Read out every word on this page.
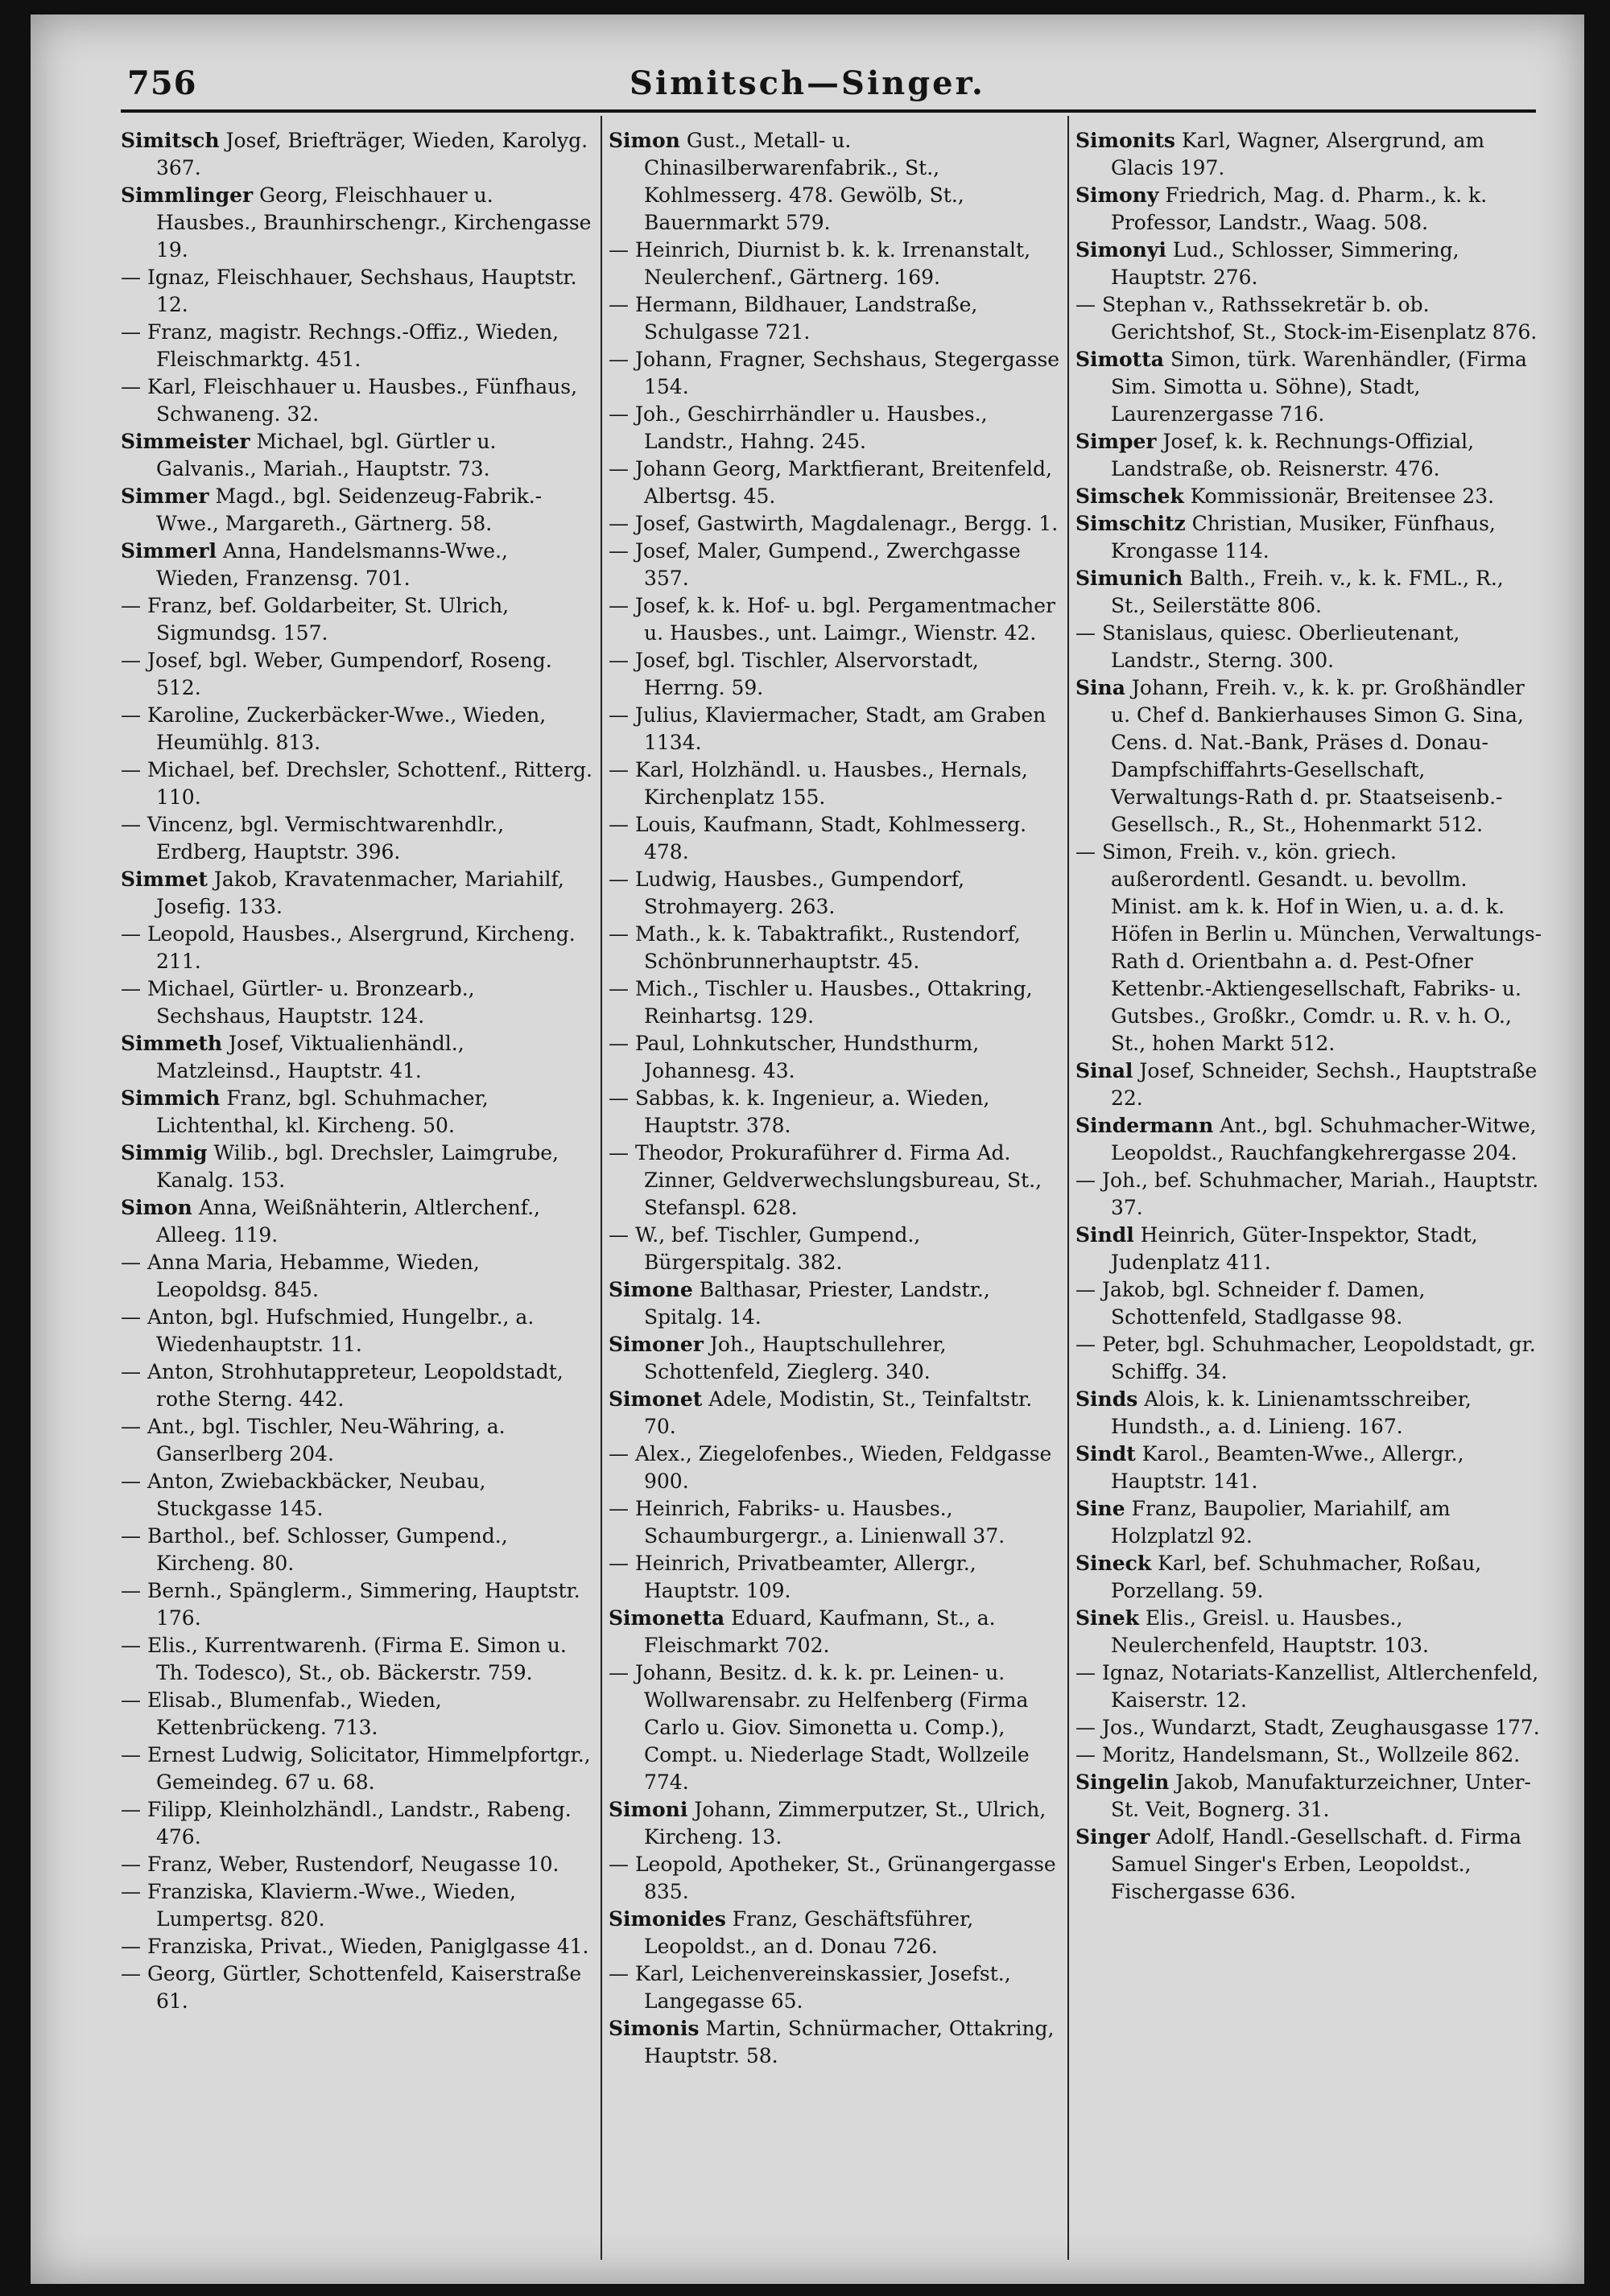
756	Simitsch—Singer.

Simitsch Josef, Briefträger, Wieden, Karolyg. 367.

Simmlinger Georg, Fleischhauer u. Hausbes., Braunhirschengr., Kirchengasse 19.

— Ignaz, Fleischhauer, Sechshaus, Hauptstr. 12.

— Franz, magistr. Rechngs.-Offiz., Wieden, Fleischmarktg. 451.

— Karl, Fleischhauer u. Hausbes., Fünfhaus, Schwaneng. 32.

Simmeister Michael, bgl. Gürtler u. Galvanis., Mariah., Hauptstr. 73.

Simmer Magd., bgl. Seidenzeug-Fabrik.-Wwe., Margareth., Gärtnerg. 58.

Simmerl Anna, Handelsmanns-Wwe., Wieden, Franzensg. 701.

— Franz, bef. Goldarbeiter, St. Ulrich, Sigmundsg. 157.

— Josef, bgl. Weber, Gumpendorf, Roseng. 512.

— Karoline, Zuckerbäcker-Wwe., Wieden, Heumühlg. 813.

— Michael, bef. Drechsler, Schottenf., Ritterg. 110.

— Vincenz, bgl. Vermischtwarenhdlr., Erdberg, Hauptstr. 396.

Simmet Jakob, Kravatenmacher, Mariahilf, Josefig. 133.

— Leopold, Hausbes., Alsergrund, Kircheng. 211.

— Michael, Gürtler- u. Bronzearb., Sechshaus, Hauptstr. 124.

Simmeth Josef, Viktualienhändl., Matzleinsd., Hauptstr. 41.

Simmich Franz, bgl. Schuhmacher, Lichtenthal, kl. Kircheng. 50.

Simmig Wilib., bgl. Drechsler, Laimgrube, Kanalg. 153.

Simon Anna, Weißnähterin, Altlerchenf., Alleeg. 119.

— Anna Maria, Hebamme, Wieden, Leopoldsg. 845.

— Anton, bgl. Hufschmied, Hungelbr., a. Wiedenhauptstr. 11.

— Anton, Strohhutappreteur, Leopoldstadt, rothe Sterng. 442.

— Ant., bgl. Tischler, Neu-Währing, a. Ganserlberg 204.

— Anton, Zwiebackbäcker, Neubau, Stuckgasse 145.

— Barthol., bef. Schlosser, Gumpend., Kircheng. 80.

— Bernh., Spänglerm., Simmering, Hauptstr. 176.

— Elis., Kurrentwarenh. (Firma E. Simon u. Th. Todesco), St., ob. Bäckerstr. 759.

— Elisab., Blumenfab., Wieden, Kettenbrückeng. 713.

— Ernest Ludwig, Solicitator, Himmelpfortgr., Gemeindeg. 67 u. 68.

— Filipp, Kleinholzhändl., Landstr., Rabeng. 476.

— Franz, Weber, Rustendorf, Neugasse 10.

— Franziska, Klavierm.-Wwe., Wieden, Lumpertsg. 820.

— Franziska, Privat., Wieden, Paniglgasse 41.

— Georg, Gürtler, Schottenfeld, Kaiserstraße 61.

Simon Gust., Metall- u. Chinasilberwarenfabrik., St., Kohlmesserg. 478. Gewölb, St., Bauernmarkt 579.

— Heinrich, Diurnist b. k. k. Irrenanstalt, Neulerchenf., Gärtnerg. 169.

— Hermann, Bildhauer, Landstraße, Schulgasse 721.

— Johann, Fragner, Sechshaus, Stegergasse 154.

— Joh., Geschirrhändler u. Hausbes., Landstr., Hahng. 245.

— Johann Georg, Marktfierant, Breitenfeld, Albertsg. 45.

— Josef, Gastwirth, Magdalenagr., Bergg. 1.

— Josef, Maler, Gumpend., Zwerchgasse 357.

— Josef, k. k. Hof- u. bgl. Pergamentmacher u. Hausbes., unt. Laimgr., Wienstr. 42.

— Josef, bgl. Tischler, Alservorstadt, Herrng. 59.

— Julius, Klaviermacher, Stadt, am Graben 1134.

— Karl, Holzhändl. u. Hausbes., Hernals, Kirchenplatz 155.

— Louis, Kaufmann, Stadt, Kohlmesserg. 478.

— Ludwig, Hausbes., Gumpendorf, Strohmayerg. 263.

— Math., k. k. Tabaktrafikt., Rustendorf, Schönbrunnerhauptstr. 45.

— Mich., Tischler u. Hausbes., Ottakring, Reinhartsg. 129.

— Paul, Lohnkutscher, Hundsthurm, Johannesg. 43.

— Sabbas, k. k. Ingenieur, a. Wieden, Hauptstr. 378.

— Theodor, Prokuraführer d. Firma Ad. Zinner, Geldverwechslungsbureau, St., Stefanspl. 628.

— W., bef. Tischler, Gumpend., Bürgerspitalg. 382.

Simone Balthasar, Priester, Landstr., Spitalg. 14.

Simoner Joh., Hauptschullehrer, Schottenfeld, Zieglerg. 340.

Simonet Adele, Modistin, St., Teinfaltstr. 70.

— Alex., Ziegelofenbes., Wieden, Feldgasse 900.

— Heinrich, Fabriks- u. Hausbes., Schaumburgergr., a. Linienwall 37.

— Heinrich, Privatbeamter, Allergr., Hauptstr. 109.

Simonetta Eduard, Kaufmann, St., a. Fleischmarkt 702.

— Johann, Besitz. d. k. k. pr. Leinen- u. Wollwarensabr. zu Helfenberg (Firma Carlo u. Giov. Simonetta u. Comp.), Compt. u. Niederlage Stadt, Wollzeile 774.

Simoni Johann, Zimmerputzer, St., Ulrich, Kircheng. 13.

— Leopold, Apotheker, St., Grünangergasse 835.

Simonides Franz, Geschäftsführer, Leopoldst., an d. Donau 726.

— Karl, Leichenvereinskassier, Josefst., Langegasse 65.

Simonis Martin, Schnürmacher, Ottakring, Hauptstr. 58.

Simonits Karl, Wagner, Alsergrund, am Glacis 197.

Simony Friedrich, Mag. d. Pharm., k. k. Professor, Landstr., Waag. 508.

Simonyi Lud., Schlosser, Simmering, Hauptstr. 276.

— Stephan v., Rathssekretär b. ob. Gerichtshof, St., Stock-im-Eisenplatz 876.

Simotta Simon, türk. Warenhändler, (Firma Sim. Simotta u. Söhne), Stadt, Laurenzergasse 716.

Simper Josef, k. k. Rechnungs-Offizial, Landstraße, ob. Reisnerstr. 476.

Simschek Kommissionär, Breitensee 23.

Simschitz Christian, Musiker, Fünfhaus, Krongasse 114.

Simunich Balth., Freih. v., k. k. FML., R., St., Seilerstätte 806.

— Stanislaus, quiesc. Oberlieutenant, Landstr., Sterng. 300.

Sina Johann, Freih. v., k. k. pr. Großhändler u. Chef d. Bankierhauses Simon G. Sina, Cens. d. Nat.-Bank, Präses d. Donau-Dampfschiffahrts-Gesellschaft, Verwaltungs-Rath d. pr. Staatseisenb.-Gesellsch., R., St., Hohenmarkt 512.

— Simon, Freih. v., kön. griech. außerordentl. Gesandt. u. bevollm. Minist. am k. k. Hof in Wien, u. a. d. k. Höfen in Berlin u. München, Verwaltungs-Rath d. Orientbahn a. d. Pest-Ofner Kettenbr.-Aktiengesellschaft, Fabriks- u. Gutsbes., Großkr., Comdr. u. R. v. h. O., St., hohen Markt 512.

Sinal Josef, Schneider, Sechsh., Hauptstraße 22.

Sindermann Ant., bgl. Schuhmacher-Witwe, Leopoldst., Rauchfangkehrergasse 204.

— Joh., bef. Schuhmacher, Mariah., Hauptstr. 37.

Sindl Heinrich, Güter-Inspektor, Stadt, Judenplatz 411.

— Jakob, bgl. Schneider f. Damen, Schottenfeld, Stadlgasse 98.

— Peter, bgl. Schuhmacher, Leopoldstadt, gr. Schiffg. 34.

Sinds Alois, k. k. Linienamtsschreiber, Hundsth., a. d. Linieng. 167.

Sindt Karol., Beamten-Wwe., Allergr., Hauptstr. 141.

Sine Franz, Baupolier, Mariahilf, am Holzplatzl 92.

Sineck Karl, bef. Schuhmacher, Roßau, Porzellang. 59.

Sinek Elis., Greisl. u. Hausbes., Neulerchenfeld, Hauptstr. 103.

— Ignaz, Notariats-Kanzellist, Altlerchenfeld, Kaiserstr. 12.

— Jos., Wundarzt, Stadt, Zeughausgasse 177.

— Moritz, Handelsmann, St., Wollzeile 862.

Singelin Jakob, Manufakturzeichner, Unter-St. Veit, Bognerg. 31.

Singer Adolf, Handl.-Gesellschaft. d. Firma Samuel Singer's Erben, Leopoldst., Fischergasse 636.
